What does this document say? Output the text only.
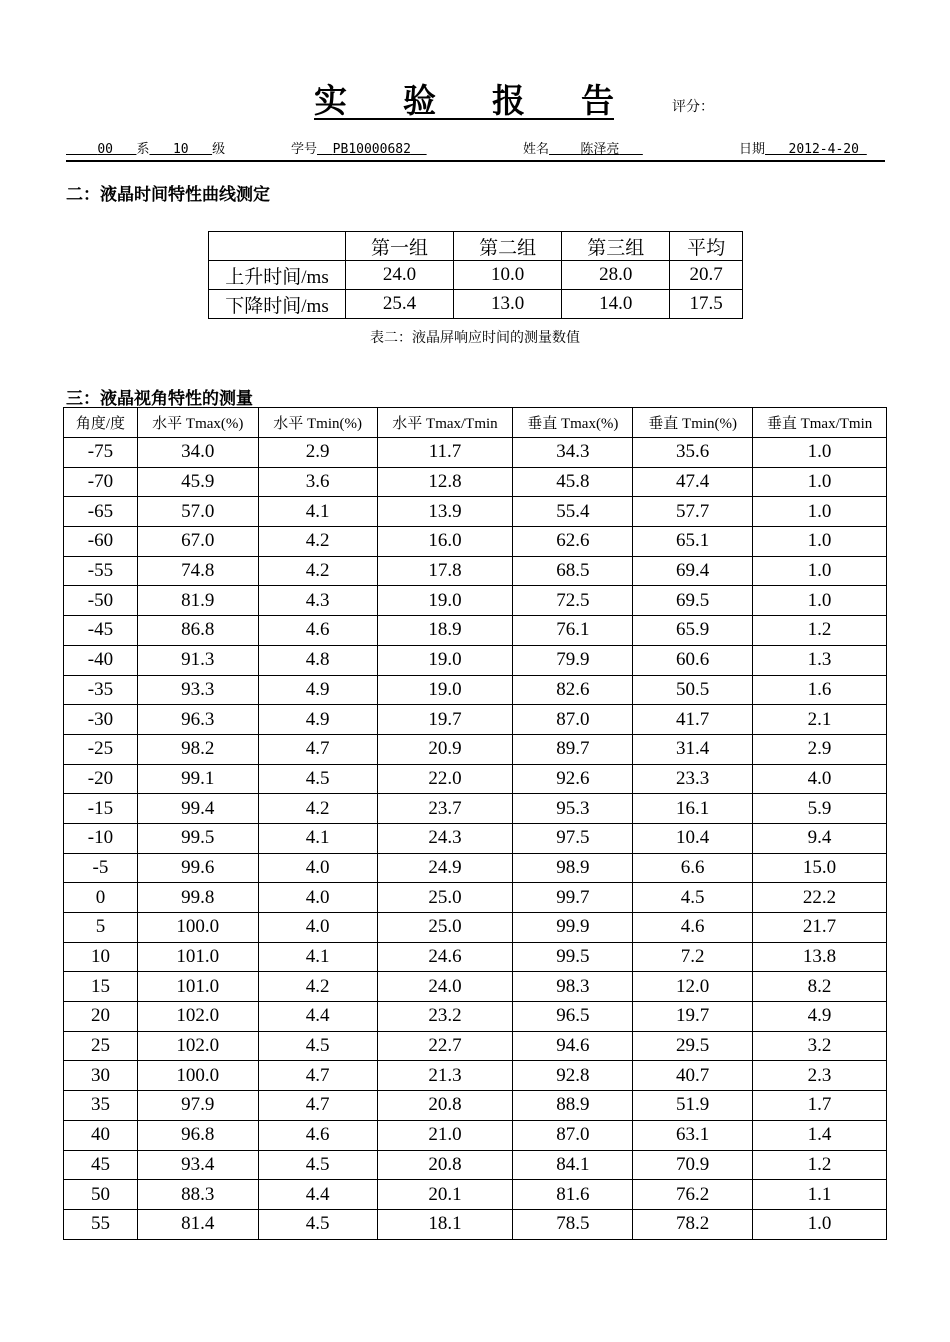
实 验 报 告	评分：
00 系 10 级	学号 PB10000682	姓名 陈泽亮	日期 2012-4-20
二：液晶时间特性曲线测定
	第一组	第二组	第三组	平均
上升时间/ms	24.0	10.0	28.0	20.7
下降时间/ms	25.4	13.0	14.0	17.5
表二：液晶屏响应时间的测量数值
三：液晶视角特性的测量
角度/度	水平 Tmax(%)	水平 Tmin(%)	水平 Tmax/Tmin	垂直 Tmax(%)	垂直 Tmin(%)	垂直 Tmax/Tmin
-75	34.0	2.9	11.7	34.3	35.6	1.0
-70	45.9	3.6	12.8	45.8	47.4	1.0
-65	57.0	4.1	13.9	55.4	57.7	1.0
-60	67.0	4.2	16.0	62.6	65.1	1.0
-55	74.8	4.2	17.8	68.5	69.4	1.0
-50	81.9	4.3	19.0	72.5	69.5	1.0
-45	86.8	4.6	18.9	76.1	65.9	1.2
-40	91.3	4.8	19.0	79.9	60.6	1.3
-35	93.3	4.9	19.0	82.6	50.5	1.6
-30	96.3	4.9	19.7	87.0	41.7	2.1
-25	98.2	4.7	20.9	89.7	31.4	2.9
-20	99.1	4.5	22.0	92.6	23.3	4.0
-15	99.4	4.2	23.7	95.3	16.1	5.9
-10	99.5	4.1	24.3	97.5	10.4	9.4
-5	99.6	4.0	24.9	98.9	6.6	15.0
0	99.8	4.0	25.0	99.7	4.5	22.2
5	100.0	4.0	25.0	99.9	4.6	21.7
10	101.0	4.1	24.6	99.5	7.2	13.8
15	101.0	4.2	24.0	98.3	12.0	8.2
20	102.0	4.4	23.2	96.5	19.7	4.9
25	102.0	4.5	22.7	94.6	29.5	3.2
30	100.0	4.7	21.3	92.8	40.7	2.3
35	97.9	4.7	20.8	88.9	51.9	1.7
40	96.8	4.6	21.0	87.0	63.1	1.4
45	93.4	4.5	20.8	84.1	70.9	1.2
50	88.3	4.4	20.1	81.6	76.2	1.1
55	81.4	4.5	18.1	78.5	78.2	1.0
